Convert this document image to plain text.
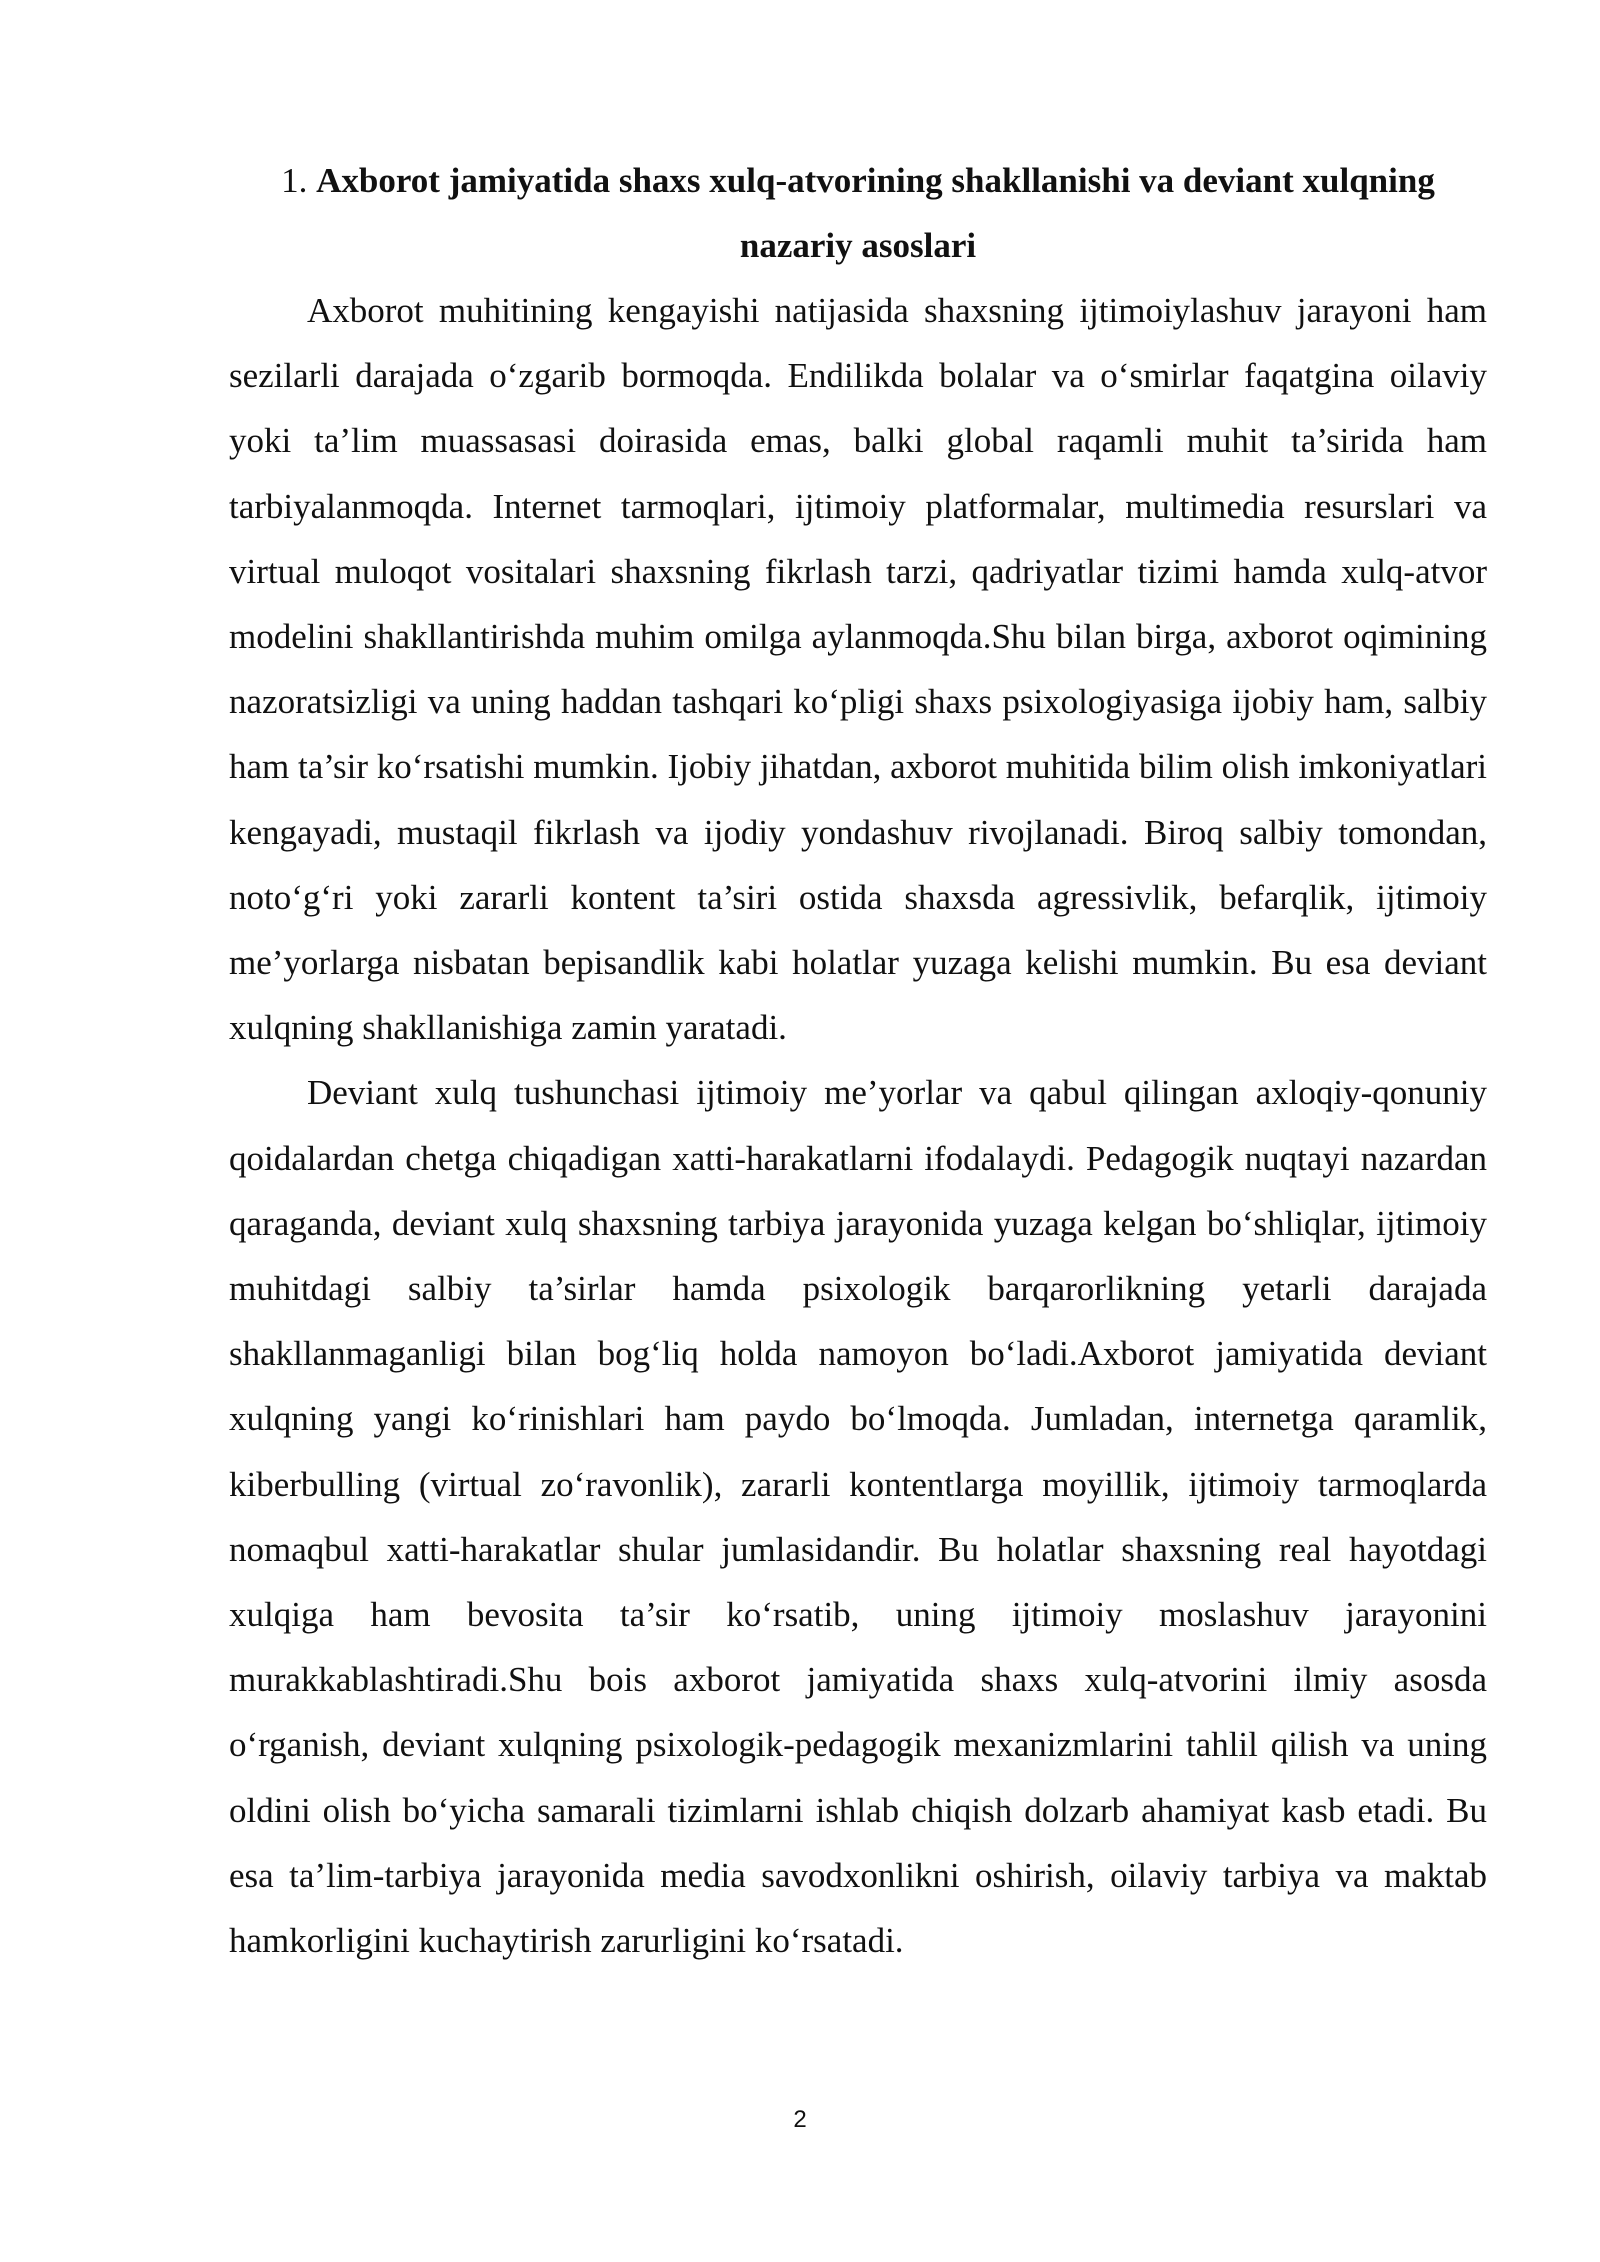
1. Axborot jamiyatida shaxs xulq-atvorining shakllanishi va deviant xulqning nazariy asoslari

Axborot muhitining kengayishi natijasida shaxsning ijtimoiylashuv jarayoni ham sezilarli darajada o‘zgarib bormoqda. Endilikda bolalar va o‘smirlar faqatgina oilaviy yoki ta’lim muassasasi doirasida emas, balki global raqamli muhit ta’sirida ham tarbiyalanmoqda. Internet tarmoqlari, ijtimoiy platformalar, multimedia resurslari va virtual muloqot vositalari shaxsning fikrlash tarzi, qadriyatlar tizimi hamda xulq-atvor modelini shakllantirishda muhim omilga aylanmoqda.Shu bilan birga, axborot oqimining nazoratsizligi va uning haddan tashqari ko‘pligi shaxs psixologiyasiga ijobiy ham, salbiy ham ta’sir ko‘rsatishi mumkin. Ijobiy jihatdan, axborot muhitida bilim olish imkoniyatlari kengayadi, mustaqil fikrlash va ijodiy yondashuv rivojlanadi. Biroq salbiy tomondan, noto‘g‘ri yoki zararli kontent ta’siri ostida shaxsda agressivlik, befarqlik, ijtimoiy me’yorlarga nisbatan bepisandlik kabi holatlar yuzaga kelishi mumkin. Bu esa deviant xulqning shakllanishiga zamin yaratadi.

Deviant xulq tushunchasi ijtimoiy me’yorlar va qabul qilingan axloqiy-qonuniy qoidalardan chetga chiqadigan xatti-harakatlarni ifodalaydi. Pedagogik nuqtayi nazardan qaraganda, deviant xulq shaxsning tarbiya jarayonida yuzaga kelgan bo‘shliqlar, ijtimoiy muhitdagi salbiy ta’sirlar hamda psixologik barqarorlikning yetarli darajada shakllanmaganligi bilan bog‘liq holda namoyon bo‘ladi.Axborot jamiyatida deviant xulqning yangi ko‘rinishlari ham paydo bo‘lmoqda. Jumladan, internetga qaramlik, kiberbulling (virtual zo‘ravonlik), zararli kontentlarga moyillik, ijtimoiy tarmoqlarda nomaqbul xatti-harakatlar shular jumlasidandir. Bu holatlar shaxsning real hayotdagi xulqiga ham bevosita ta’sir ko‘rsatib, uning ijtimoiy moslashuv jarayonini murakkablashtiradi.Shu bois axborot jamiyatida shaxs xulq-atvorini ilmiy asosda o‘rganish, deviant xulqning psixologik-pedagogik mexanizmlarini tahlil qilish va uning oldini olish bo‘yicha samarali tizimlarni ishlab chiqish dolzarb ahamiyat kasb etadi. Bu esa ta’lim-tarbiya jarayonida media savodxonlikni oshirish, oilaviy tarbiya va maktab hamkorligini kuchaytirish zarurligini ko‘rsatadi.

2
